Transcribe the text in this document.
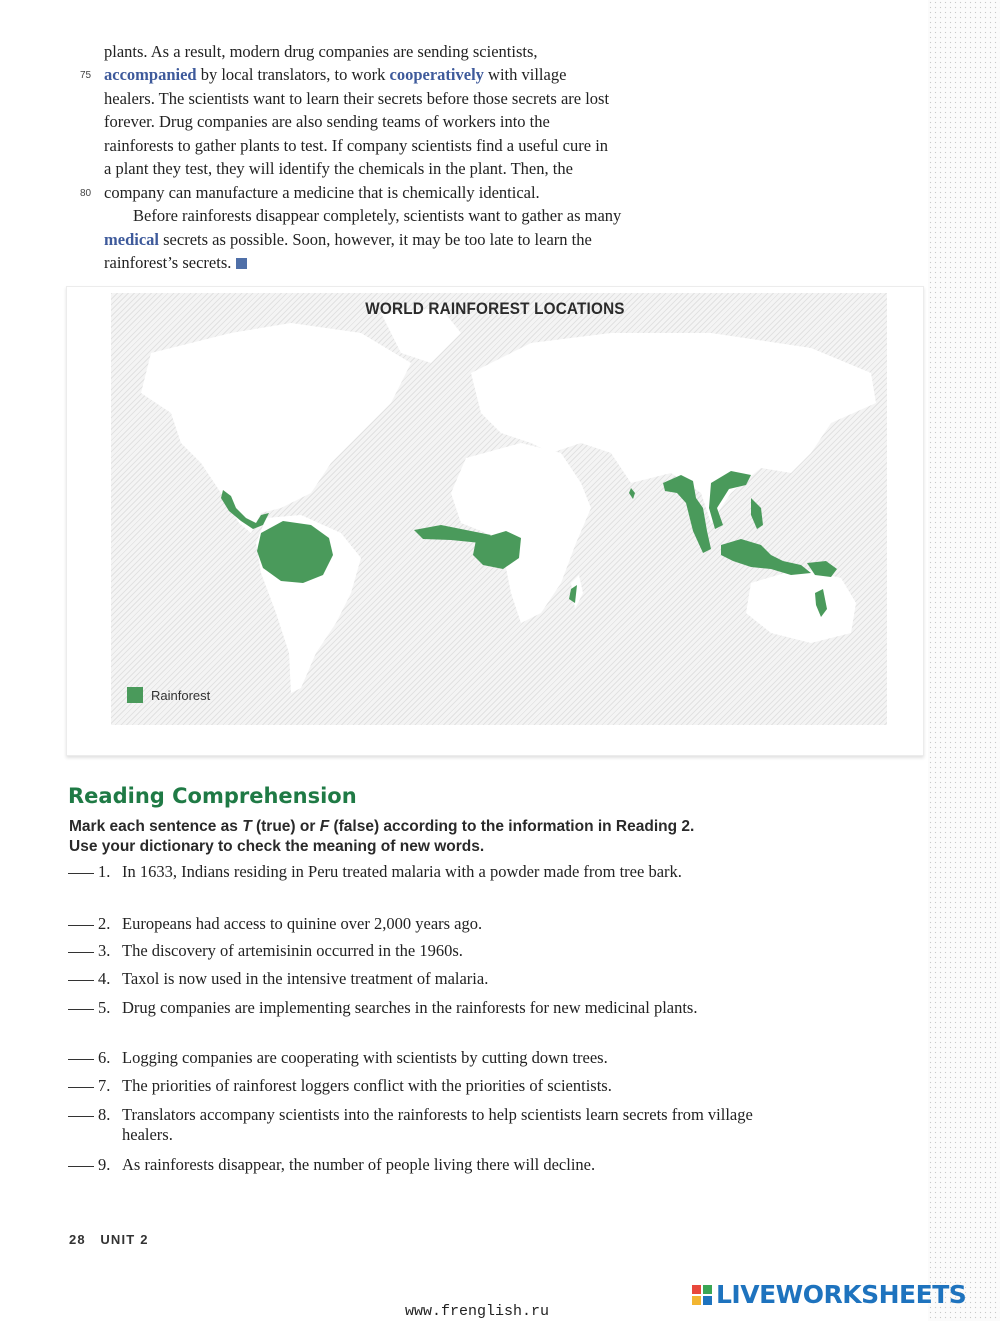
plants. As a result, modern drug companies are sending scientists,
75 accompanied by local translators, to work cooperatively with village
healers. The scientists want to learn their secrets before those secrets are lost
forever. Drug companies are also sending teams of workers into the
rainforests to gather plants to test. If company scientists find a useful cure in
a plant they test, they will identify the chemicals in the plant. Then, the
80 company can manufacture a medicine that is chemically identical.
Before rainforests disappear completely, scientists want to gather as many
medical secrets as possible. Soon, however, it may be too late to learn the
rainforest’s secrets.
WORLD RAINFOREST LOCATIONS
Rainforest
Reading Comprehension
Mark each sentence as T (true) or F (false) according to the information in Reading 2.
Use your dictionary to check the meaning of new words.
1. In 1633, Indians residing in Peru treated malaria with a powder made from tree bark.
2. Europeans had access to quinine over 2,000 years ago.
3. The discovery of artemisinin occurred in the 1960s.
4. Taxol is now used in the intensive treatment of malaria.
5. Drug companies are implementing searches in the rainforests for new medicinal plants.
6. Logging companies are cooperating with scientists by cutting down trees.
7. The priorities of rainforest loggers conflict with the priorities of scientists.
8. Translators accompany scientists into the rainforests to help scientists learn secrets from village healers.
9. As rainforests disappear, the number of people living there will decline.
28 UNIT 2
www.frenglish.ru
LIVEWORKSHEETS
